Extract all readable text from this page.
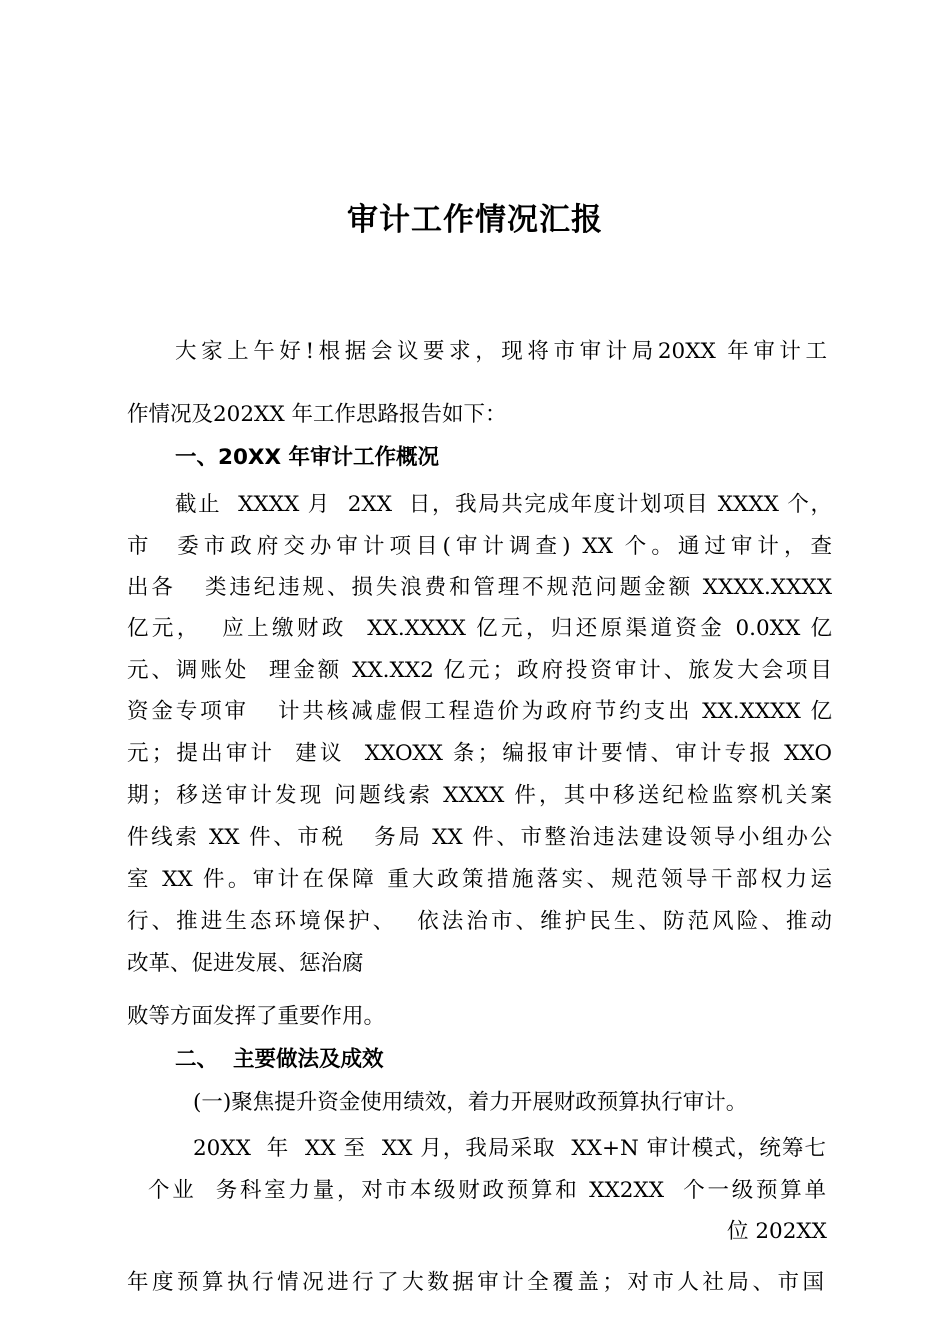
审计工作情况汇报
大家上午好!根据会议要求，现将市审计局20XX 年审计工
作情况及202XX 年工作思路报告如下：
一、20XX 年审计工作概况
截止  XXXX 月  2XX  日，我局共完成年度计划项目 XXXX 个，
市  委市政府交办审计项目(审计调查) XX 个。通过审计，查
出各   类违纪违规、损失浪费和管理不规范问题金额 XXXX.XXXX
亿元，  应上缴财政  XX.XXXX 亿元，归还原渠道资金 0.0XX 亿
元、调账处  理金额 XX.XX2 亿元；政府投资审计、旅发大会项目
资金专项审   计共核减虚假工程造价为政府节约支出 XX.XXXX 亿
元；提出审计  建议  XXOXX 条；编报审计要情、审计专报 XXO
期；移送审计发现 问题线索 XXXX 件，其中移送纪检监察机关案
件线索 XX 件、市税   务局 XX 件、市整治违法建设领导小组办公
室 XX 件。审计在保障 重大政策措施落实、规范领导干部权力运
行、推进生态环境保护、  依法治市、维护民生、防范风险、推动
改革、促进发展、惩治腐
败等方面发挥了重要作用。
二、  主要做法及成效
(一)聚焦提升资金使用绩效，着力开展财政预算执行审计。
20XX  年  XX 至  XX 月，我局采取  XX+N 审计模式，统筹七
个业  务科室力量，对市本级财政预算和 XX2XX  个一级预算单
位 202XX
年度预算执行情况进行了大数据审计全覆盖；对市人社局、市国
